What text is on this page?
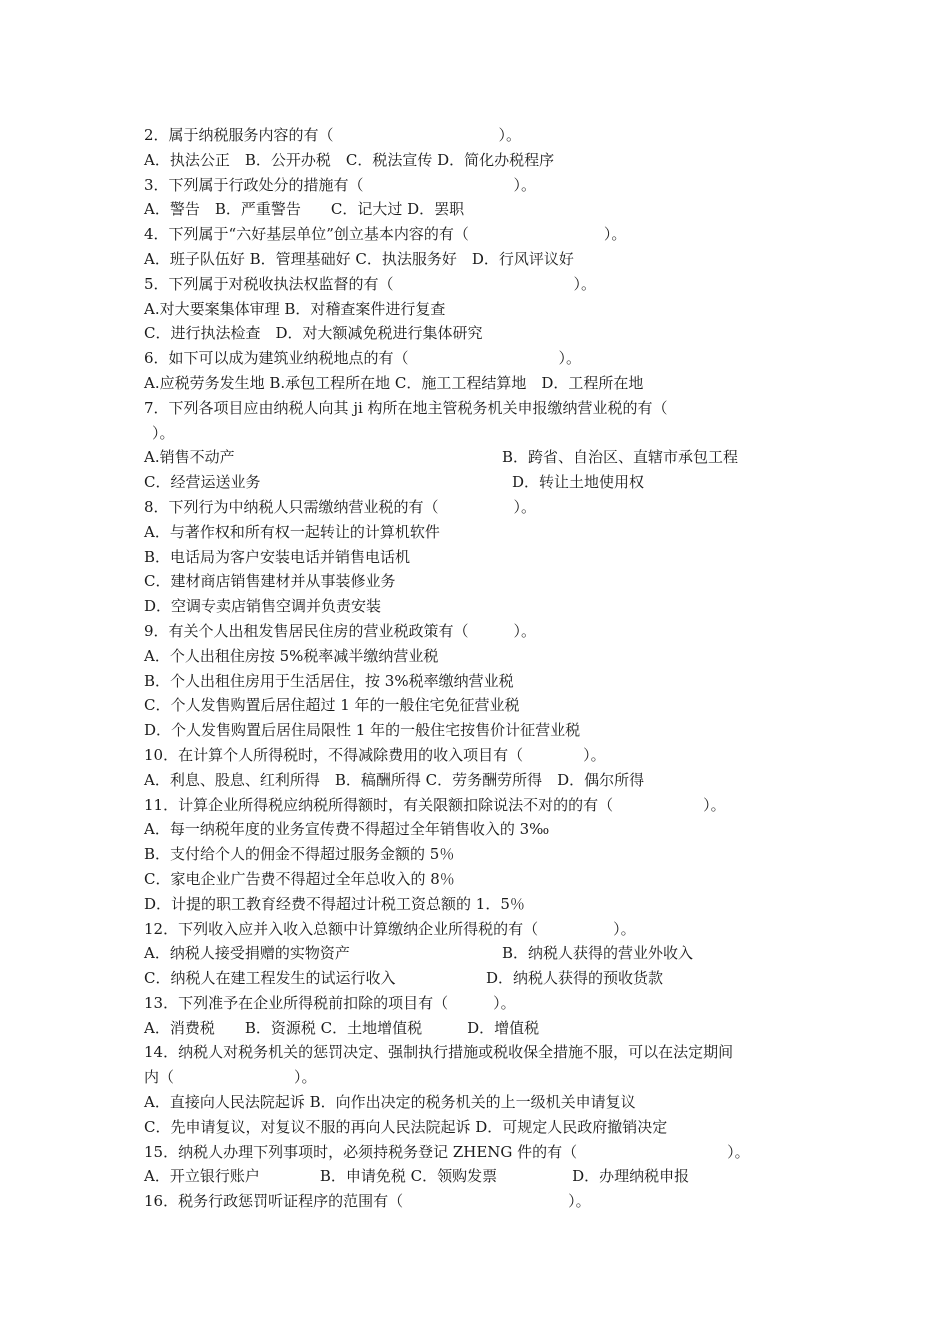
2．属于纳税服务内容的有（　　　　　　　　　　　）。
A．执法公正　B．公开办税　C．税法宣传 D．简化办税程序
3．下列属于行政处分的措施有（　　　　　　　　　　）。
A．警告　B．严重警告　　C．记大过 D．罢职
4．下列属于“六好基层单位”创立基本内容的有（　　　　　　　　　）。
A．班子队伍好 B．管理基础好 C．执法服务好　D．行风评议好
5．下列属于对税收执法权监督的有（　　　　　　　　　　　　）。
A.对大要案集体审理 B．对稽查案件进行复查
C．进行执法检查　D．对大额减免税进行集体研究
6．如下可以成为建筑业纳税地点的有（　　　　　　　　　　）。
A.应税劳务发生地 B.承包工程所在地 C．施工工程结算地　D．工程所在地
7．下列各项目应由纳税人向其 ji 构所在地主管税务机关申报缴纳营业税的有（
）。
A.销售不动产	B．跨省、自治区、直辖市承包工程
C．经营运送业务	D．转让土地使用权
8．下列行为中纳税人只需缴纳营业税的有（　　　　　）。
A．与著作权和所有权一起转让的计算机软件
B．电话局为客户安装电话并销售电话机
C．建材商店销售建材并从事装修业务
D．空调专卖店销售空调并负责安装
9．有关个人出租发售居民住房的营业税政策有（　　　）。
A．个人出租住房按 5%税率减半缴纳营业税
B．个人出租住房用于生活居住，按 3%税率缴纳营业税
C．个人发售购置后居住超过 1 年的一般住宅免征营业税
D．个人发售购置后居住局限性 1 年的一般住宅按售价计征营业税
10．在计算个人所得税时，不得减除费用的收入项目有（　　　　）。
A．利息、股息、红利所得　B．稿酬所得 C．劳务酬劳所得　D．偶尔所得
11．计算企业所得税应纳税所得额时，有关限额扣除说法不对的的有（　　　　　　）。
A．每一纳税年度的业务宣传费不得超过全年销售收入的 3‰
B．支付给个人的佣金不得超过服务金额的 5％
C．家电企业广告费不得超过全年总收入的 8％
D．计提的职工教育经费不得超过计税工资总额的 1．5％
12．下列收入应并入收入总额中计算缴纳企业所得税的有（　　　　　）。
A．纳税人接受捐赠的实物资产	B．纳税人获得的营业外收入
C．纳税人在建工程发生的试运行收入	D．纳税人获得的预收货款
13．下列准予在企业所得税前扣除的项目有（　　　）。
A．消费税　　B．资源税 C．土地增值税　　　D．增值税
14．纳税人对税务机关的惩罚决定、强制执行措施或税收保全措施不服，可以在法定期间
内（　　　　　　　　）。
A．直接向人民法院起诉 B．向作出决定的税务机关的上一级机关申请复议
C．先申请复议，对复议不服的再向人民法院起诉 D．可规定人民政府撤销决定
15．纳税人办理下列事项时，必须持税务登记 ZHENG 件的有（　　　　　　　　　　）。
A．开立银行账户　　　　B．申请免税 C．领购发票　　　　　D．办理纳税申报
16．税务行政惩罚听证程序的范围有（　　　　　　　　　　　）。
